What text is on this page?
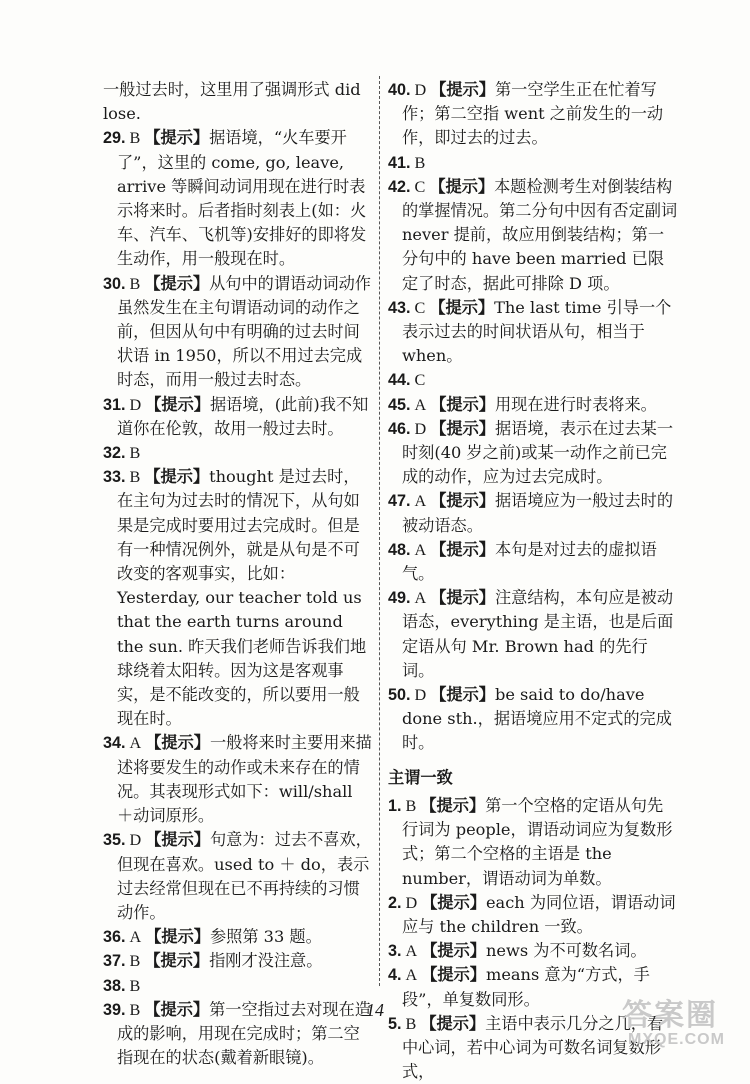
一般过去时，这里用了强调形式 did lose.

29. B 【提示】据语境，“火车要开了”，这里的 come, go, leave, arrive 等瞬间动词用现在进行时表示将来时。后者指时刻表上(如：火车、汽车、飞机等)安排好的即将发生动作，用一般现在时。

30. B 【提示】从句中的谓语动词动作虽然发生在主句谓语动词的动作之前，但因从句中有明确的过去时间状语 in 1950，所以不用过去完成时态，而用一般过去时态。

31. D 【提示】据语境，(此前)我不知道你在伦敦，故用一般过去时。

32. B

33. B 【提示】thought 是过去时，在主句为过去时的情况下，从句如果是完成时要用过去完成时。但是有一种情况例外，就是从句是不可改变的客观事实，比如：Yesterday, our teacher told us that the earth turns around the sun. 昨天我们老师告诉我们地球绕着太阳转。因为这是客观事实，是不能改变的，所以要用一般现在时。

34. A 【提示】一般将来时主要用来描述将要发生的动作或未来存在的情况。其表现形式如下：will/shall ＋动词原形。

35. D 【提示】句意为：过去不喜欢，但现在喜欢。used to ＋ do，表示过去经常但现在已不再持续的习惯动作。

36. A 【提示】参照第 33 题。

37. B 【提示】指刚才没注意。

38. B

39. B 【提示】第一空指过去对现在造成的影响，用现在完成时；第二空指现在的状态(戴着新眼镜)。

40. D 【提示】第一空学生正在忙着写作；第二空指 went 之前发生的一动作，即过去的过去。

41. B

42. C 【提示】本题检测考生对倒装结构的掌握情况。第二分句中因有否定副词 never 提前，故应用倒装结构；第一分句中的 have been married 已限定了时态，据此可排除 D 项。

43. C 【提示】The last time 引导一个表示过去的时间状语从句，相当于 when。

44. C

45. A 【提示】用现在进行时表将来。

46. D 【提示】据语境，表示在过去某一时刻(40 岁之前)或某一动作之前已完成的动作，应为过去完成时。

47. A 【提示】据语境应为一般过去时的被动语态。

48. A 【提示】本句是对过去的虚拟语气。

49. A 【提示】注意结构，本句应是被动语态，everything 是主语，也是后面定语从句 Mr. Brown had 的先行词。

50. D 【提示】be said to do/have done sth.，据语境应用不定式的完成时。

主谓一致

1. B 【提示】第一个空格的定语从句先行词为 people，谓语动词应为复数形式；第二个空格的主语是 the number，谓语动词为单数。

2. D 【提示】each 为同位语，谓语动词应与 the children 一致。

3. A 【提示】news 为不可数名词。

4. A 【提示】means 意为“方式，手段”，单复数同形。

5. B 【提示】主语中表示几分之几，看中心词，若中心词为可数名词复数形式，

14	答案圈
MXQE.COM
